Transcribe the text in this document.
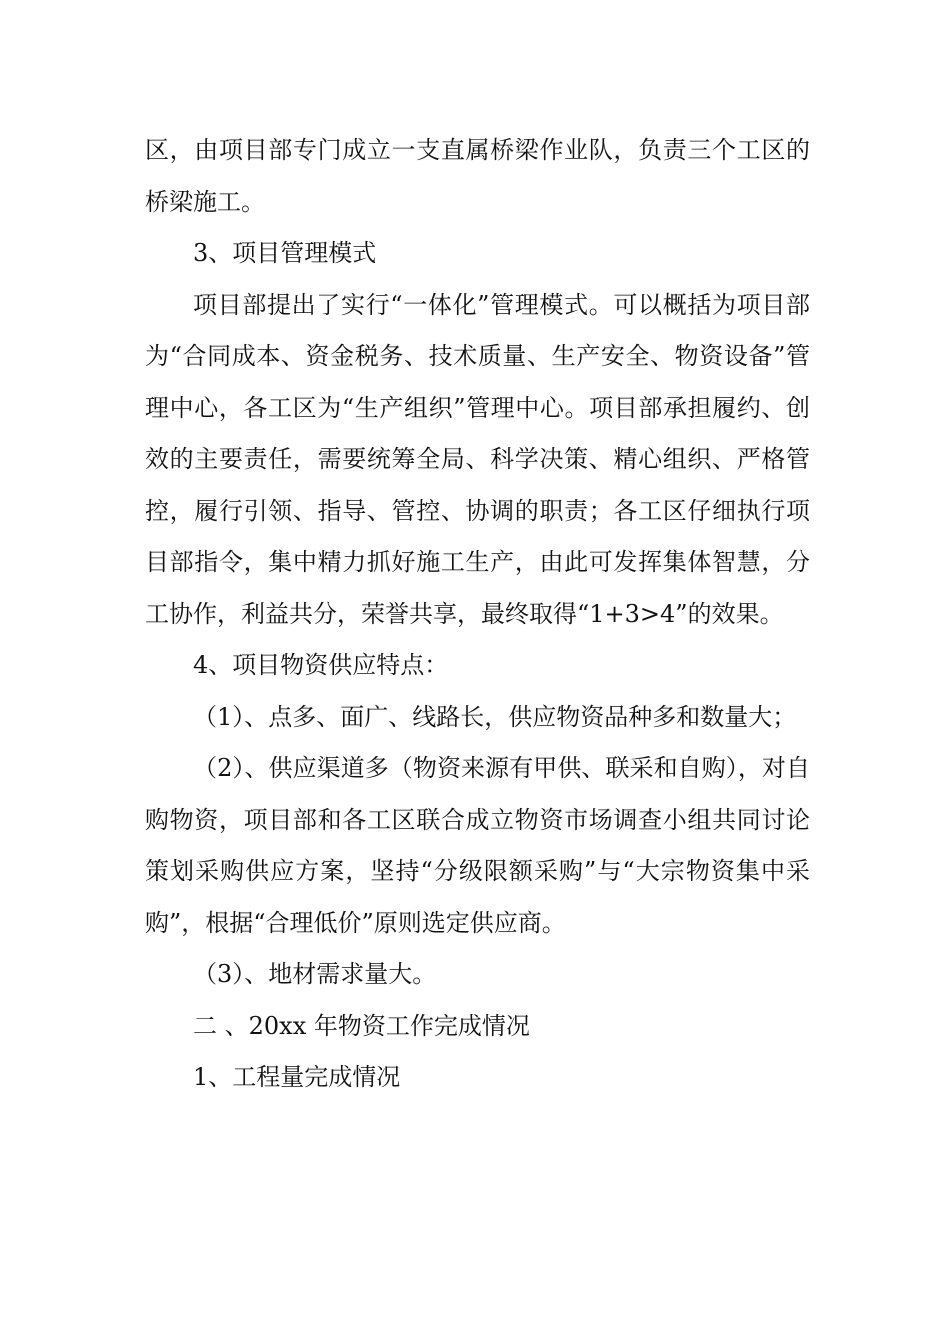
区，由项目部专门成立一支直属桥梁作业队，负责三个工区的桥梁施工。

3、项目管理模式

项目部提出了实行“一体化”管理模式。可以概括为项目部为“合同成本、资金税务、技术质量、生产安全、物资设备”管理中心，各工区为“生产组织”管理中心。项目部承担履约、创效的主要责任，需要统筹全局、科学决策、精心组织、严格管控，履行引领、指导、管控、协调的职责；各工区仔细执行项目部指令，集中精力抓好施工生产，由此可发挥集体智慧，分工协作，利益共分，荣誉共享，最终取得“1+3>4”的效果。

4、项目物资供应特点：

（1）、点多、面广、线路长，供应物资品种多和数量大；

（2）、供应渠道多（物资来源有甲供、联采和自购），对自购物资，项目部和各工区联合成立物资市场调查小组共同讨论策划采购供应方案，坚持“分级限额采购”与“大宗物资集中采购”，根据“合理低价”原则选定供应商。

（3）、地材需求量大。

二 、20xx 年物资工作完成情况

1、工程量完成情况
